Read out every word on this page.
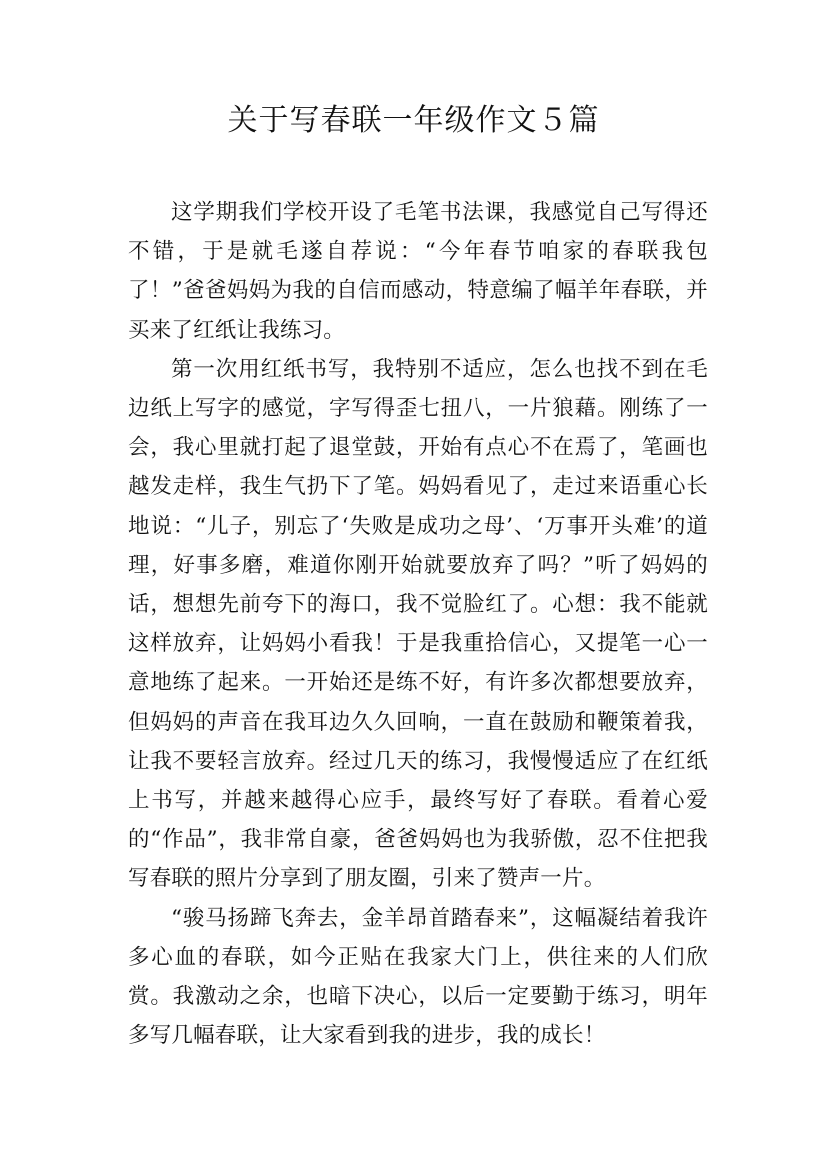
关于写春联一年级作文５篇

这学期我们学校开设了毛笔书法课，我感觉自己写得还不错，于是就毛遂自荐说：“今年春节咱家的春联我包了！”爸爸妈妈为我的自信而感动，特意编了幅羊年春联，并买来了红纸让我练习。

第一次用红纸书写，我特别不适应，怎么也找不到在毛边纸上写字的感觉，字写得歪七扭八，一片狼藉。刚练了一会，我心里就打起了退堂鼓，开始有点心不在焉了，笔画也越发走样，我生气扔下了笔。妈妈看见了，走过来语重心长地说：“儿子，别忘了‘失败是成功之母’、‘万事开头难’的道理，好事多磨，难道你刚开始就要放弃了吗？”听了妈妈的话，想想先前夸下的海口，我不觉脸红了。心想：我不能就这样放弃，让妈妈小看我！于是我重拾信心，又提笔一心一意地练了起来。一开始还是练不好，有许多次都想要放弃，但妈妈的声音在我耳边久久回响，一直在鼓励和鞭策着我，让我不要轻言放弃。经过几天的练习，我慢慢适应了在红纸上书写，并越来越得心应手，最终写好了春联。看着心爱的“作品”，我非常自豪，爸爸妈妈也为我骄傲，忍不住把我写春联的照片分享到了朋友圈，引来了赞声一片。

“骏马扬蹄飞奔去，金羊昂首踏春来”，这幅凝结着我许多心血的春联，如今正贴在我家大门上，供往来的人们欣赏。我激动之余，也暗下决心，以后一定要勤于练习，明年多写几幅春联，让大家看到我的进步，我的成长！
